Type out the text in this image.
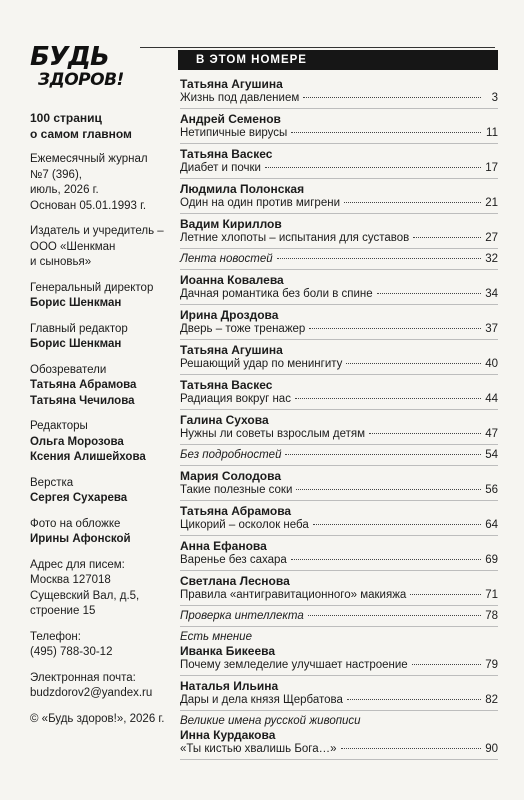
БУДЬ
ЗДОРОВ!
100 страниц
о самом главном
Ежемесячный журнал
№7 (396),
июль, 2026 г.
Основан 05.01.1993 г.
Издатель и учредитель –
ООО «Шенкман
и сыновья»
Генеральный директор
Борис Шенкман
Главный редактор
Борис Шенкман
Обозреватели
Татьяна Абрамова
Татьяна Чечилова
Редакторы
Ольга Морозова
Ксения Алишейхова
Верстка
Сергея Сухарева
Фото на обложке
Ирины Афонской
Адрес для писем:
Москва 127018
Сущевский Вал, д.5,
строение 15
Телефон:
(495) 788-30-12
Электронная почта:
budzdorov2@yandex.ru
© «Будь здоров!», 2026 г.
В ЭТОМ НОМЕРЕ
Татьяна Агушина
Жизнь под давлением	3
Андрей Семенов
Нетипичные вирусы	11
Татьяна Васкес
Диабет и почки	17
Людмила Полонская
Один на один против мигрени	21
Вадим Кириллов
Летние хлопоты – испытания для суставов	27
Лента новостей	32
Иоанна Ковалева
Дачная романтика без боли в спине	34
Ирина Дроздова
Дверь – тоже тренажер	37
Татьяна Агушина
Решающий удар по менингиту	40
Татьяна Васкес
Радиация вокруг нас	44
Галина Сухова
Нужны ли советы взрослым детям	47
Без подробностей	54
Мария Солодова
Такие полезные соки	56
Татьяна Абрамова
Цикорий – осколок неба	64
Анна Ефанова
Варенье без сахара	69
Светлана Леснова
Правила «антигравитационного» макияжа	71
Проверка интеллекта	78
Есть мнение
Иванка Бикеева
Почему земледелие улучшает настроение	79
Наталья Ильина
Дары и дела князя Щербатова	82
Великие имена русской живописи
Инна Курдакова
«Ты кистью хвалишь Бога…»	90
